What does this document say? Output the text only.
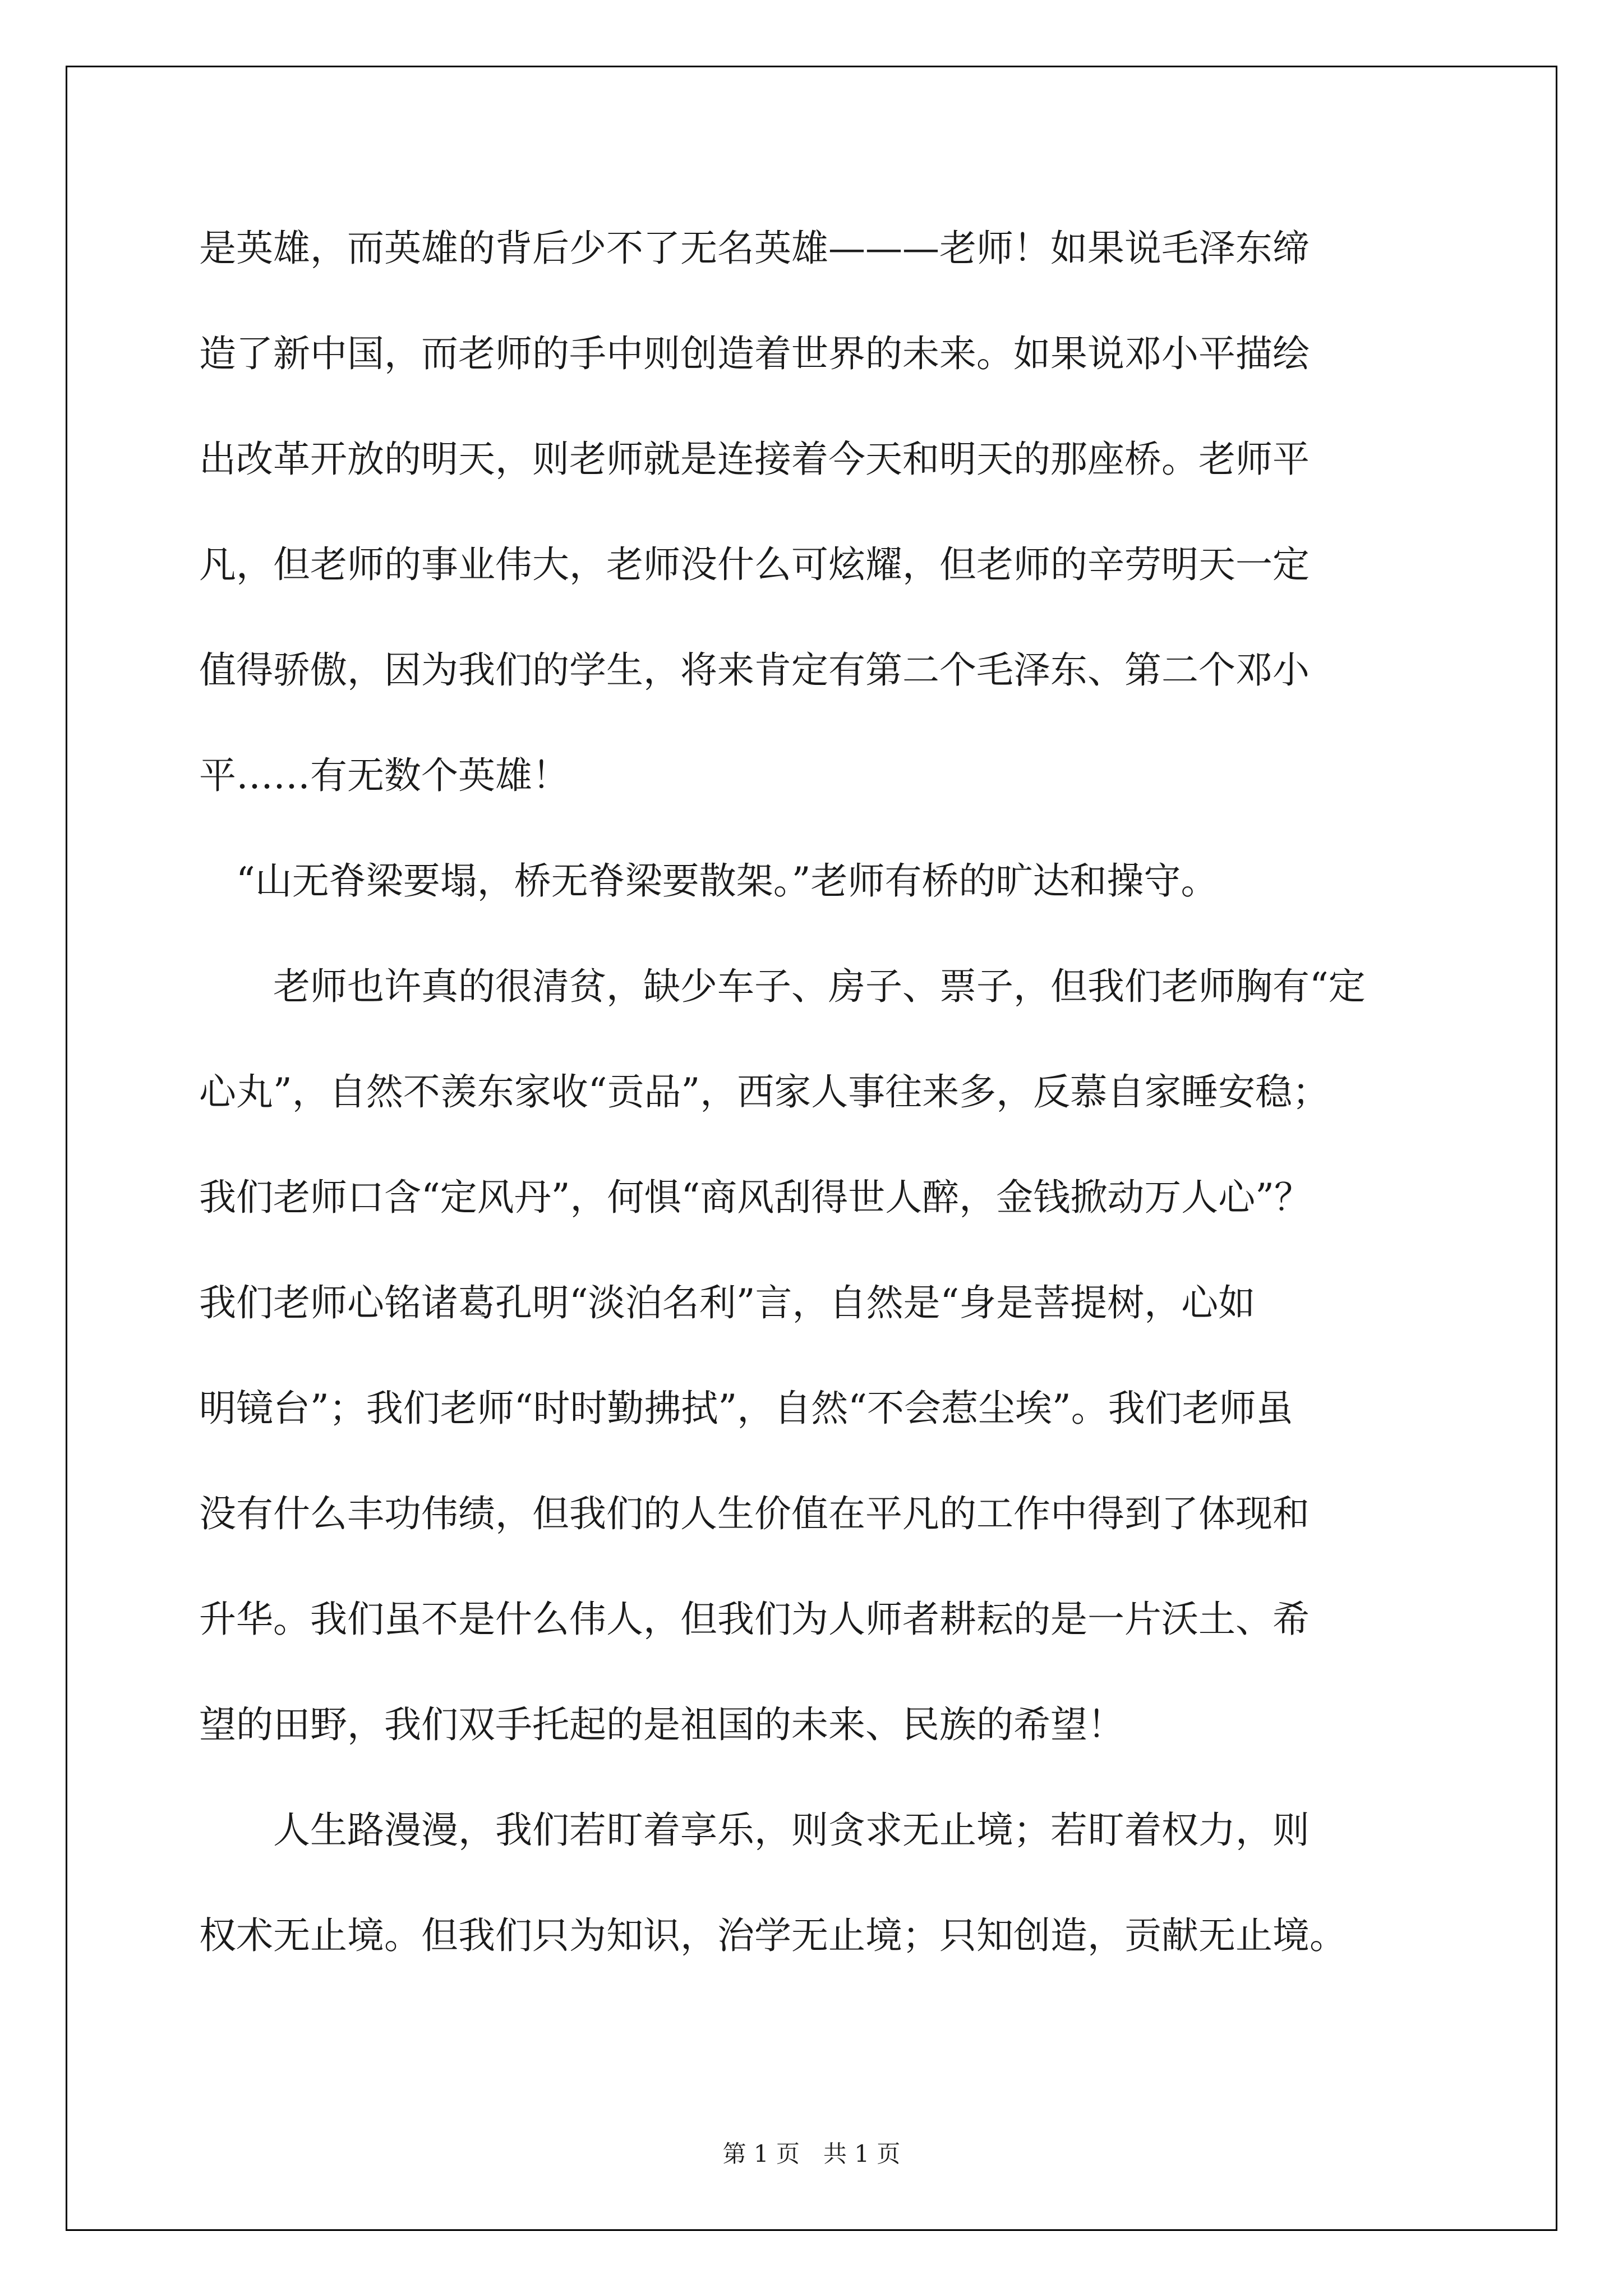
是英雄，而英雄的背后少不了无名英雄———老师！如果说毛泽东缔
造了新中国，而老师的手中则创造着世界的未来。如果说邓小平描绘
出改革开放的明天，则老师就是连接着今天和明天的那座桥。老师平
凡，但老师的事业伟大，老师没什么可炫耀，但老师的辛劳明天一定
值得骄傲，因为我们的学生，将来肯定有第二个毛泽东、第二个邓小
平……有无数个英雄！
　“山无脊梁要塌，桥无脊梁要散架。”老师有桥的旷达和操守。
　　老师也许真的很清贫，缺少车子、房子、票子，但我们老师胸有“定
心丸”，自然不羡东家收“贡品”，西家人事往来多，反慕自家睡安稳；
我们老师口含“定风丹”，何惧“商风刮得世人醉，金钱掀动万人心”？
我们老师心铭诸葛孔明“淡泊名利”言，自然是“身是菩提树，心如
明镜台”；我们老师“时时勤拂拭”，自然“不会惹尘埃”。我们老师虽
没有什么丰功伟绩，但我们的人生价值在平凡的工作中得到了体现和
升华。我们虽不是什么伟人，但我们为人师者耕耘的是一片沃土、希
望的田野，我们双手托起的是祖国的未来、民族的希望！
　　人生路漫漫，我们若盯着享乐，则贪求无止境；若盯着权力，则
权术无止境。但我们只为知识，治学无止境；只知创造，贡献无止境。
第 1 页　共 1 页
